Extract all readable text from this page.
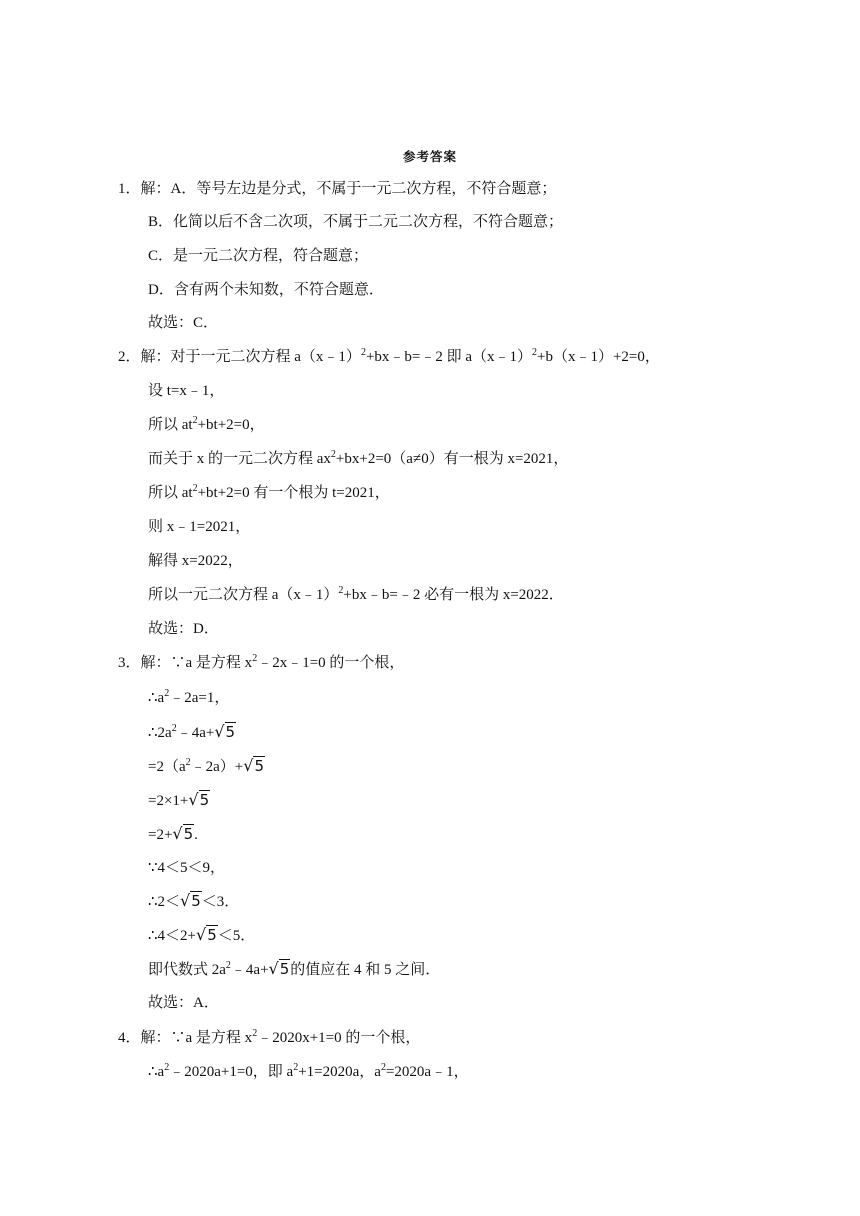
参考答案
1．解：A．等号左边是分式，不属于一元二次方程，不符合题意；
B．化简以后不含二次项，不属于二元二次方程，不符合题意；
C．是一元二次方程，符合题意；
D．含有两个未知数，不符合题意．
故选：C．
2．解：对于一元二次方程 a（x﹣1）$^2$+bx﹣b=﹣2 即 a（x﹣1）$^2$+b（x﹣1）+2=0，
设 t=x﹣1，
所以 $at^2+bt+2=0$，
而关于 x 的一元二次方程 $ax^2+bx+2=0(a\ne 0)$有一根为 x=2021，
所以 $at^2+bt+2=0$ 有一个根为 t=2021，
则 x﹣1=2021，
解得 x=2022，
所以一元二次方程 a（x﹣1）$^2$+bx﹣b=﹣2 必有一根为 x=2022．
故选：D．
3．解：∵a 是方程 $x^2﹣2x﹣1=0$ 的一个根，
$\therefore a^2﹣2a=1$，
$\therefore 2a^2﹣4a+√5$
$=2(a^2﹣2a)+√5$
=2×1+√5
=2+√5.
∵4＜5＜9，
∴2＜√5＜3．
∴4＜2+√5＜5．
即代数式 $2a^2﹣4a+√5$的值应在 4 和 5 之间．
故选：A．
4．解：∵a 是方程 $x^2﹣2020x+1=0$ 的一个根，
$\therefore a^2﹣2020a+1=0$，即 $a^2+1=2020a$，$a^2=2020a﹣1$，
